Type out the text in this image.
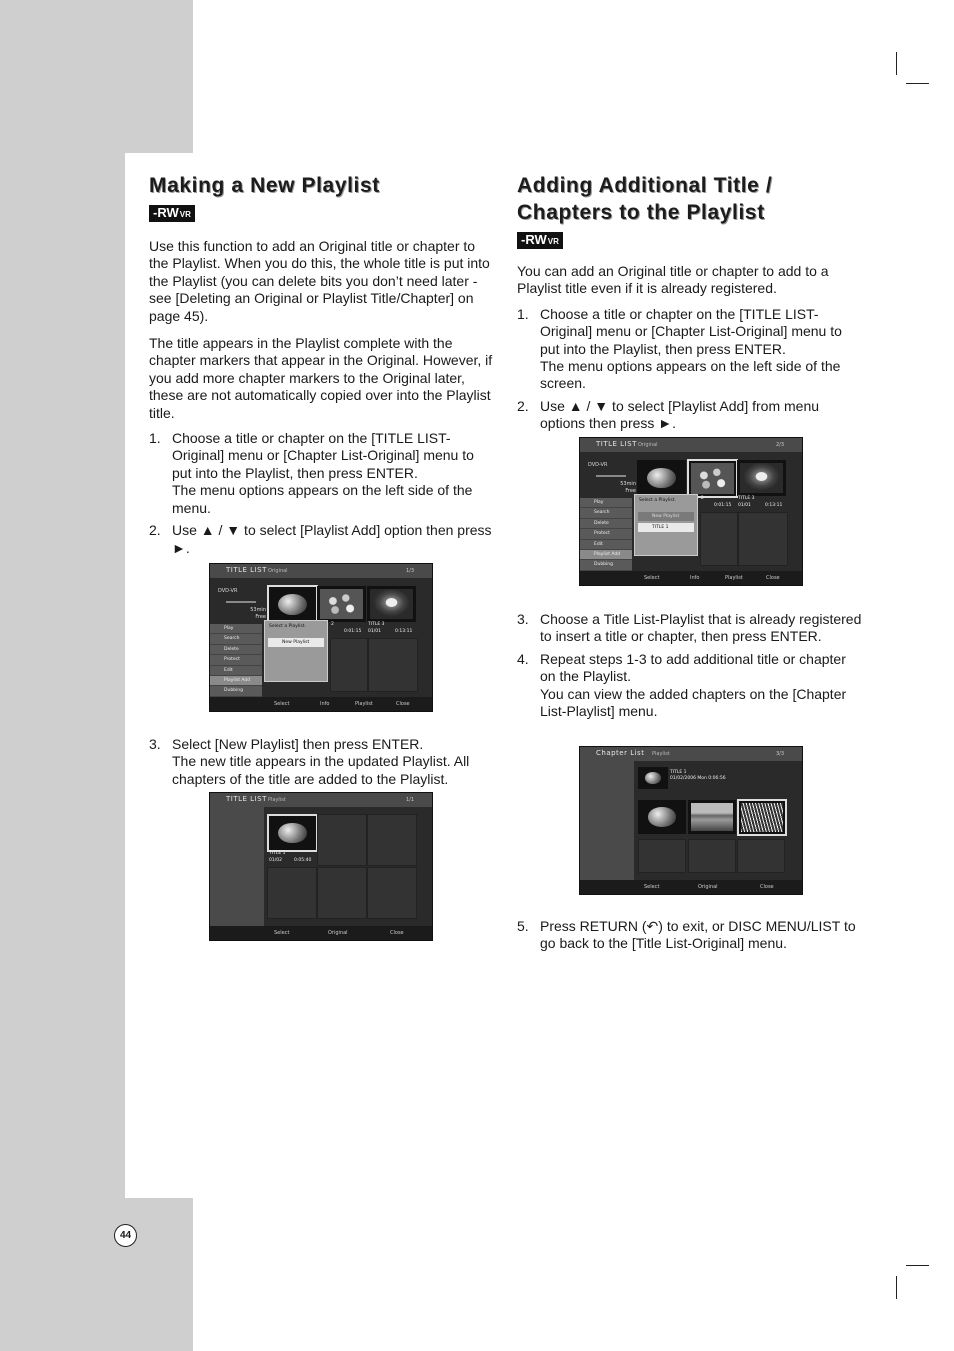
44
Making a New Playlist
-RWVR

Use this function to add an Original title or chapter to the Playlist. When you do this, the whole title is put into the Playlist (you can delete bits you don’t need later - see [Deleting an Original or Playlist Title/Chapter] on page 45).

The title appears in the Playlist complete with the chapter markers that appear in the Original. However, if you add more chapter markers to the Original later, these are not automatically copied over into the Playlist title.

1. Choose a title or chapter on the [TITLE LIST-Original] menu or [Chapter List-Original] menu to put into the Playlist, then press ENTER.
The menu options appears on the left side of the menu.
2. Use ▲ / ▼ to select [Playlist Add] option then press ►.
3. Select [New Playlist] then press ENTER.
The new title appears in the updated Playlist. All chapters of the title are added to the Playlist.
Adding Additional Title / Chapters to the Playlist
-RWVR

You can add an Original title or chapter to add to a Playlist title even if it is already registered.

1. Choose a title or chapter on the [TITLE LIST-Original] menu or [Chapter List-Original] menu to put into the Playlist, then press ENTER.
The menu options appears on the left side of the screen.
2. Use ▲ / ▼ to select [Playlist Add] from menu options then press ►.
3. Choose a Title List-Playlist that is already registered to insert a title or chapter, then press ENTER.
4. Repeat steps 1-3 to add additional title or chapter on the Playlist.
You can view the added chapters on the [Chapter List-Playlist] menu.
5. Press RETURN (↶) to exit, or DISC MENU/LIST to go back to the [Title List-Original] menu.
TITLE LIST Original	1/3
DVD-VR
53min
Free
Play
Search
Delete
Protect
Edit
Playlist Add
Dubbing
2
0:01:15
TITLE 3
01/01	0:13:11
Select a Playlist.
New Playlist
Select	Info	Playlist	Close
TITLE LIST Playlist	1/1
TITLE 1
01/02	0:05:40
Select	Original	Close
TITLE LIST Original	2/3
DVD-VR
53min
Free
Play
Search
Delete
Protect
Edit
Playlist Add
Dubbing
2
0:01:15
TITLE 3
01/01	0:13:11
Select a Playlist.
New Playlist
TITLE 1
Select	Info	Playlist	Close
Chapter List Playlist	3/3
TITLE 1
01/02/2006 Mon 0:06:56
Select	Original	Close
